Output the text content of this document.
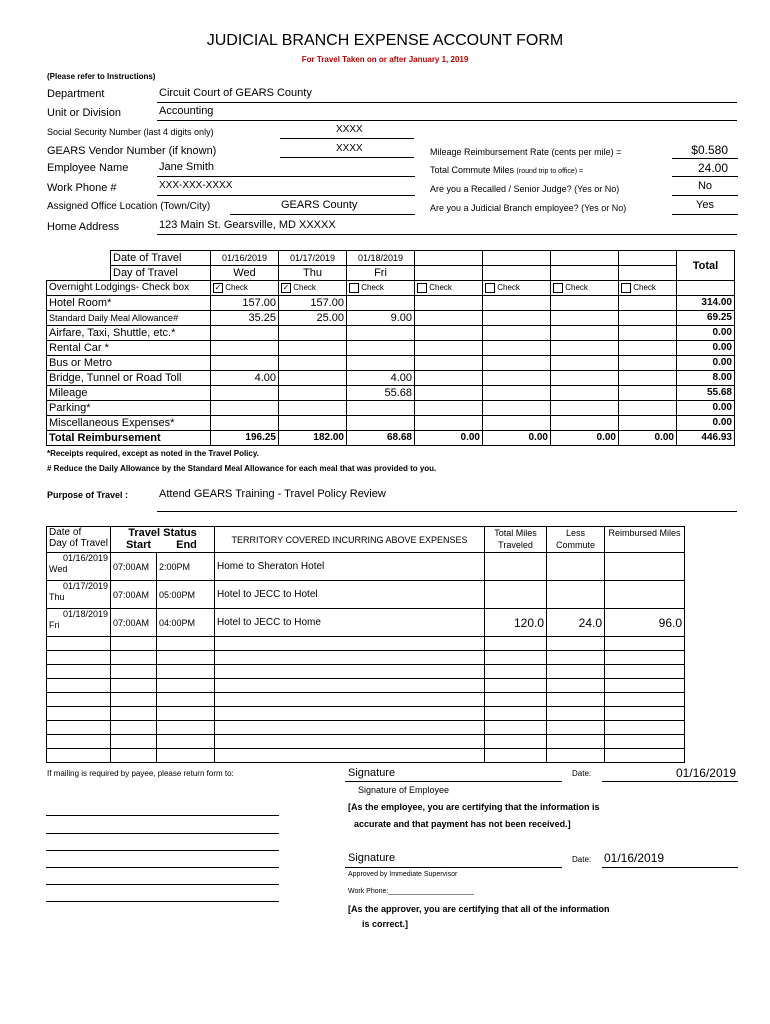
JUDICIAL BRANCH EXPENSE ACCOUNT FORM
For Travel Taken on or after January 1, 2019
(Please refer to Instructions)
Department	Circuit Court of GEARS County
Unit or Division	Accounting
Social Security Number (last 4 digits only)	XXXX
GEARS Vendor Number (if known)	XXXX
Employee Name	Jane Smith
Work Phone #	XXX-XXX-XXXX
Assigned Office Location (Town/City)	GEARS County
Home Address	123 Main St. Gearsville, MD XXXXX
Mileage Reimbursement Rate (cents per mile) =	$0.580
Total Commute Miles (round trip to office) =	24.00
Are you a Recalled / Senior Judge? (Yes or No)	No
Are you a Judicial Branch employee? (Yes or No)	Yes
	Date of Travel	01/16/2019	01/17/2019	01/18/2019					Total
	Day of Travel	Wed	Thu	Fri					
Overnight Lodgings- Check box		✓ Check	✓ Check	Check	Check	Check	Check	Check	
Hotel Room*		157.00	157.00						314.00
Standard Daily Meal Allowance#		35.25	25.00	9.00					69.25
Airfare, Taxi, Shuttle, etc.*									0.00
Rental Car *									0.00
Bus or Metro									0.00
Bridge, Tunnel or Road Toll		4.00		4.00					8.00
Mileage				55.68					55.68
Parking*									0.00
Miscellaneous Expenses*									0.00
Total Reimbursement		196.25	182.00	68.68	0.00	0.00	0.00	0.00	446.93
*Receipts required, except as noted in the Travel Policy.
# Reduce the Daily Allowance by the Standard Meal Allowance for each meal that was provided to you.
Purpose of Travel :	Attend GEARS Training - Travel Policy Review
Date of
Day of Travel	Travel Status
Start End		TERRITORY COVERED INCURRING ABOVE EXPENSES	Total Miles Traveled	Less Commute	Reimbursed Miles

01/16/2019
Wed	07:00AM	2:00PM	Home to Sheraton Hotel			

01/17/2019
Thu	07:00AM	05:00PM	Hotel to JECC to Hotel			

01/18/2019
Fri	07:00AM	04:00PM	Hotel to JECC to Home	120.0	24.0	96.0

If mailing is required by payee, please return form to:	Signature	Date:	01/16/2019
Signature of Employee
[As the employee, you are certifying that the information is
accurate and that payment has not been received.]
Signature	Date: 01/16/2019
Approved by Immediate Supervisor
Work Phone:______________________
[As the approver, you are certifying that all of the information
is correct.]
